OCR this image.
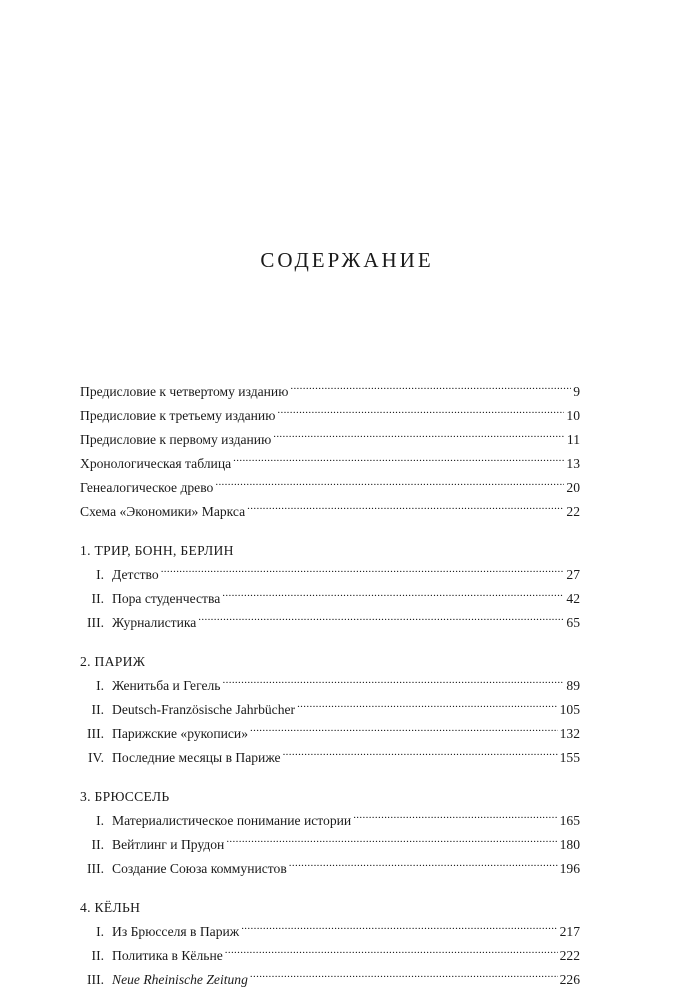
СОДЕРЖАНИЕ
Предисловие к четвертому изданию . . .	9
Предисловие к третьему изданию . . .	10
Предисловие к первому изданию . . .	11
Хронологическая таблица . . .	13
Генеалогическое древо . . .	20
Схема «Экономики» Маркса . . .	22
1. ТРИР, БОНН, БЕРЛИН
I. Детство . . .	27
II. Пора студенчества . . .	42
III. Журналистика . . .	65
2. ПАРИЖ
I. Женитьба и Гегель . . .	89
II. Deutsch-Französische Jahrbücher . . .	105
III. Парижские «рукописи» . . .	132
IV. Последние месяцы в Париже . . .	155
3. БРЮССЕЛЬ
I. Материалистическое понимание истории . . .	165
II. Вейтлинг и Прудон . . .	180
III. Создание Союза коммунистов . . .	196
4. КЁЛЬН
I. Из Брюсселя в Париж . . .	217
II. Политика в Кёльне . . .	222
III. Neue Rheinische Zeitung . . .	226
